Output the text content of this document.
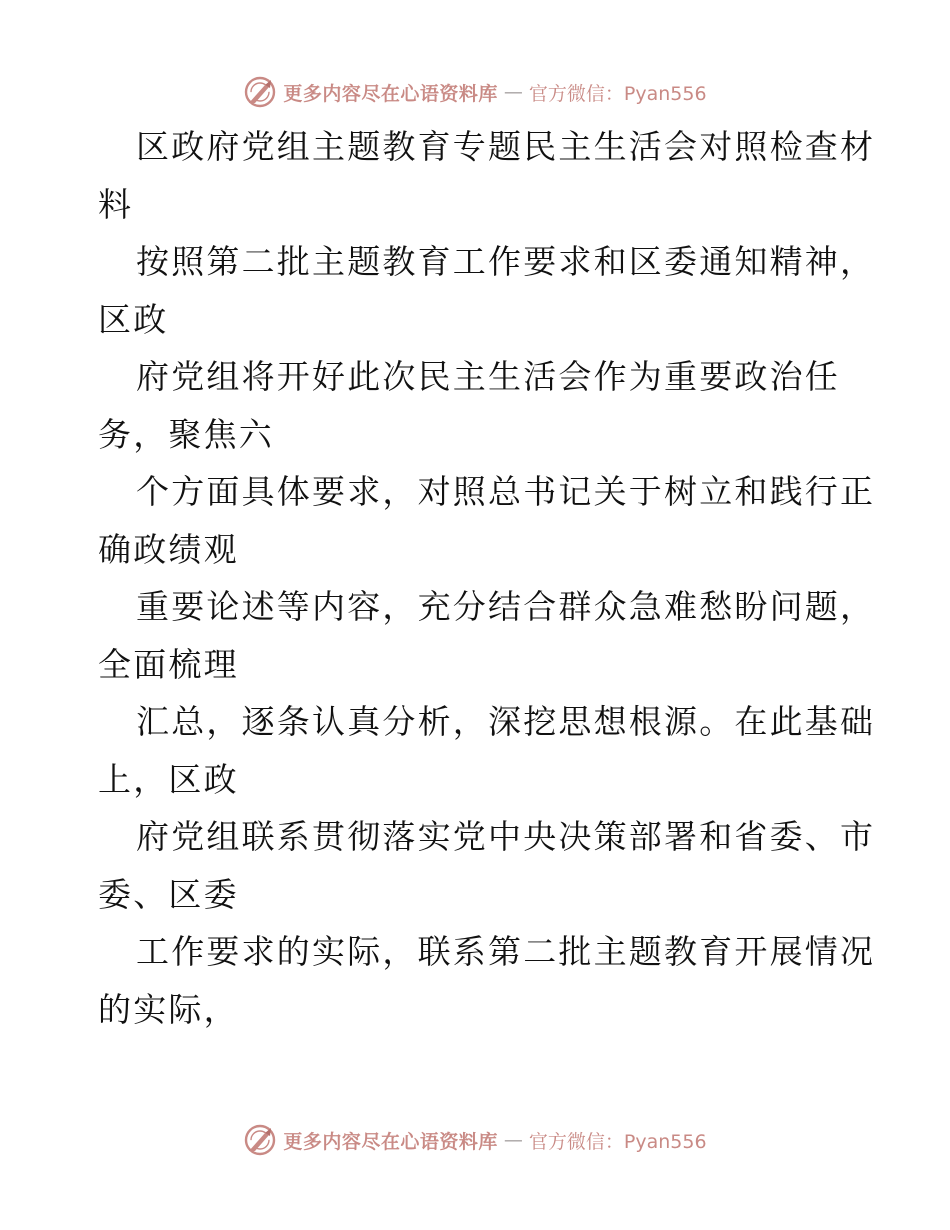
更多内容尽在心语资料库 — 官方微信：Pyan556

区政府党组主题教育专题民主生活会对照检查材

料

按照第二批主题教育工作要求和区委通知精神，

区政

府党组将开好此次民主生活会作为重要政治任

务，聚焦六

个方面具体要求，对照总书记关于树立和践行正

确政绩观

重要论述等内容，充分结合群众急难愁盼问题，

全面梳理

汇总，逐条认真分析，深挖思想根源。在此基础

上，区政

府党组联系贯彻落实党中央决策部署和省委、市

委、区委

工作要求的实际，联系第二批主题教育开展情况

的实际，

更多内容尽在心语资料库 — 官方微信：Pyan556
